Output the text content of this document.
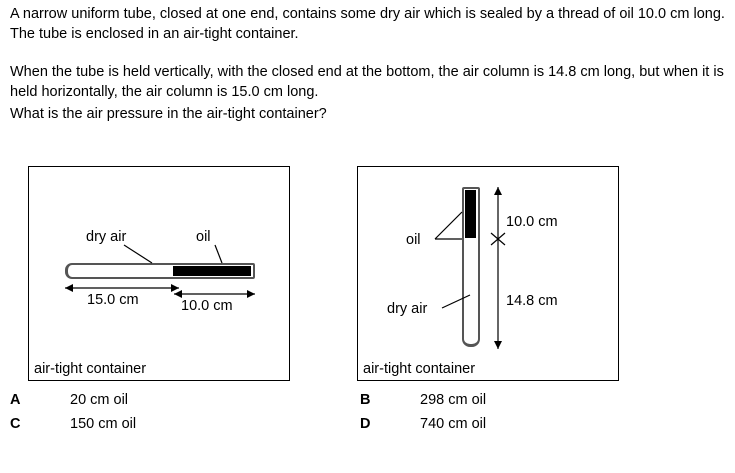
A narrow uniform tube, closed at one end, contains some dry air which is sealed by a thread of oil 10.0 cm long. The tube is enclosed in an air-tight container.

When the tube is held vertically, with the closed end at the bottom, the air column is 14.8 cm long, but when it is held horizontally, the air column is 15.0 cm long.

What is the air pressure in the air-tight container?

dry air	oil
15.0 cm	10.0 cm
air-tight container
oil
dry air
10.0 cm
14.8 cm
air-tight container
A	20 cm oil	B	298 cm oil
C	150 cm oil	D	740 cm oil
